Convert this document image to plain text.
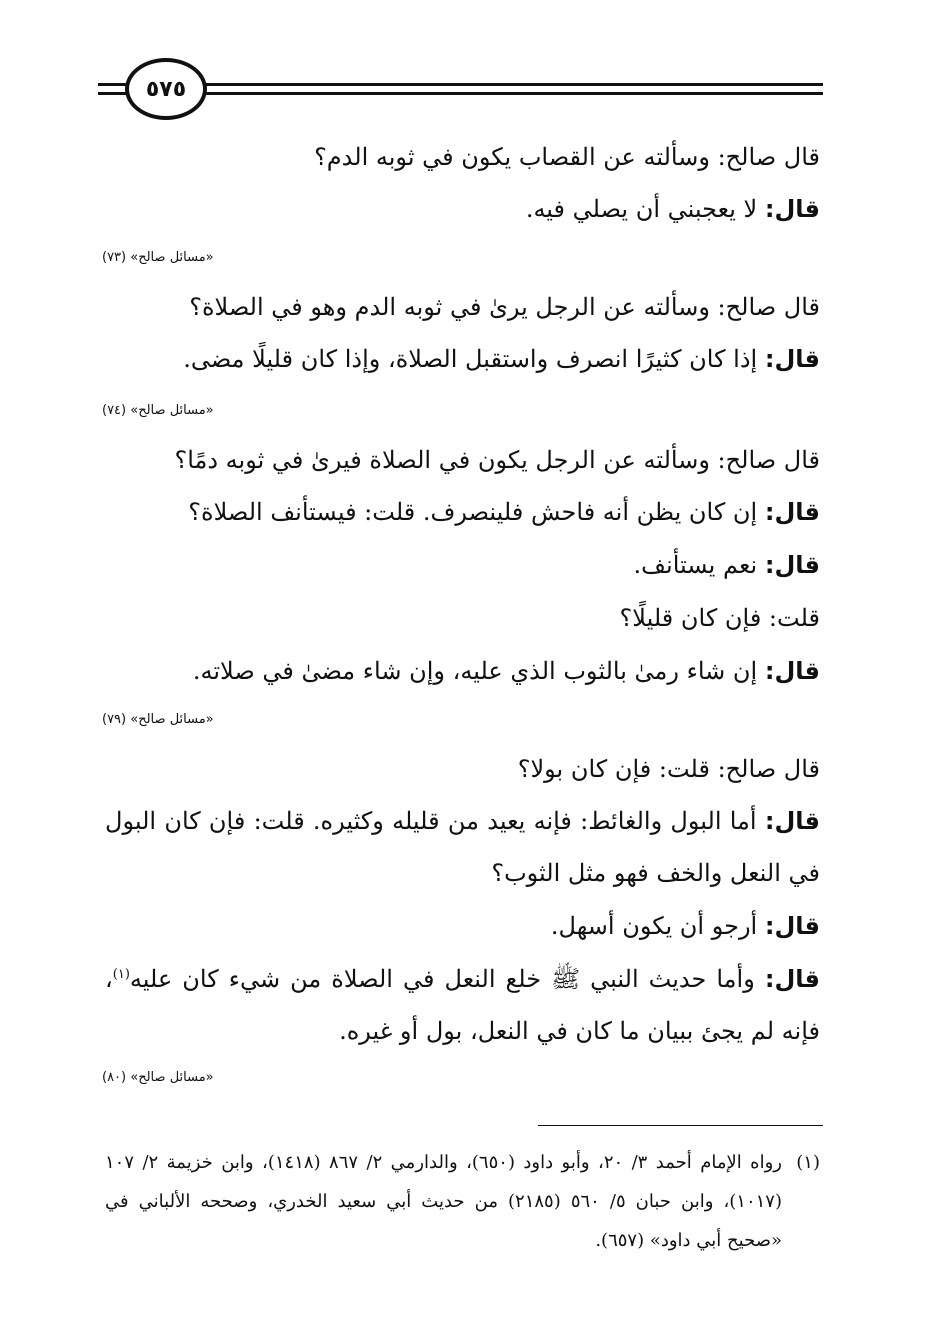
٥٧٥
قال صالح: وسألته عن القصاب يكون في ثوبه الدم؟
قال: لا يعجبني أن يصلي فيه.
«مسائل صالح» (٧٣)
قال صالح: وسألته عن الرجل يرىٰ في ثوبه الدم وهو في الصلاة؟
قال: إذا كان كثيرًا انصرف واستقبل الصلاة، وإذا كان قليلًا مضى.
«مسائل صالح» (٧٤)
قال صالح: وسألته عن الرجل يكون في الصلاة فيرىٰ في ثوبه دمًا؟
قال: إن كان يظن أنه فاحش فلينصرف. قلت: فيستأنف الصلاة؟
قال: نعم يستأنف.
قلت: فإن كان قليلًا؟
قال: إن شاء رمىٰ بالثوب الذي عليه، وإن شاء مضىٰ في صلاته.
«مسائل صالح» (٧٩)
قال صالح: قلت: فإن كان بولا؟
قال: أما البول والغائط: فإنه يعيد من قليله وكثيره. قلت: فإن كان البول في النعل والخف فهو مثل الثوب؟
قال: أرجو أن يكون أسهل.
قال: وأما حديث النبي ﷺ خلع النعل في الصلاة من شيء كان عليه$^{(١)}$، فإنه لم يجئ ببيان ما كان في النعل، بول أو غيره.
«مسائل صالح» (٨٠)
(١)
رواه الإمام أحمد ٣/ ٢٠، وأبو داود (٦٥٠)، والدارمي ٢/ ٨٦٧ (١٤١٨)، وابن خزيمة ٢/ ١٠٧ (١٠١٧)، وابن حبان ٥/ ٥٦٠ (٢١٨٥) من حديث أبي سعيد الخدري، وصححه الألباني في «صحيح أبي داود» (٦٥٧).
